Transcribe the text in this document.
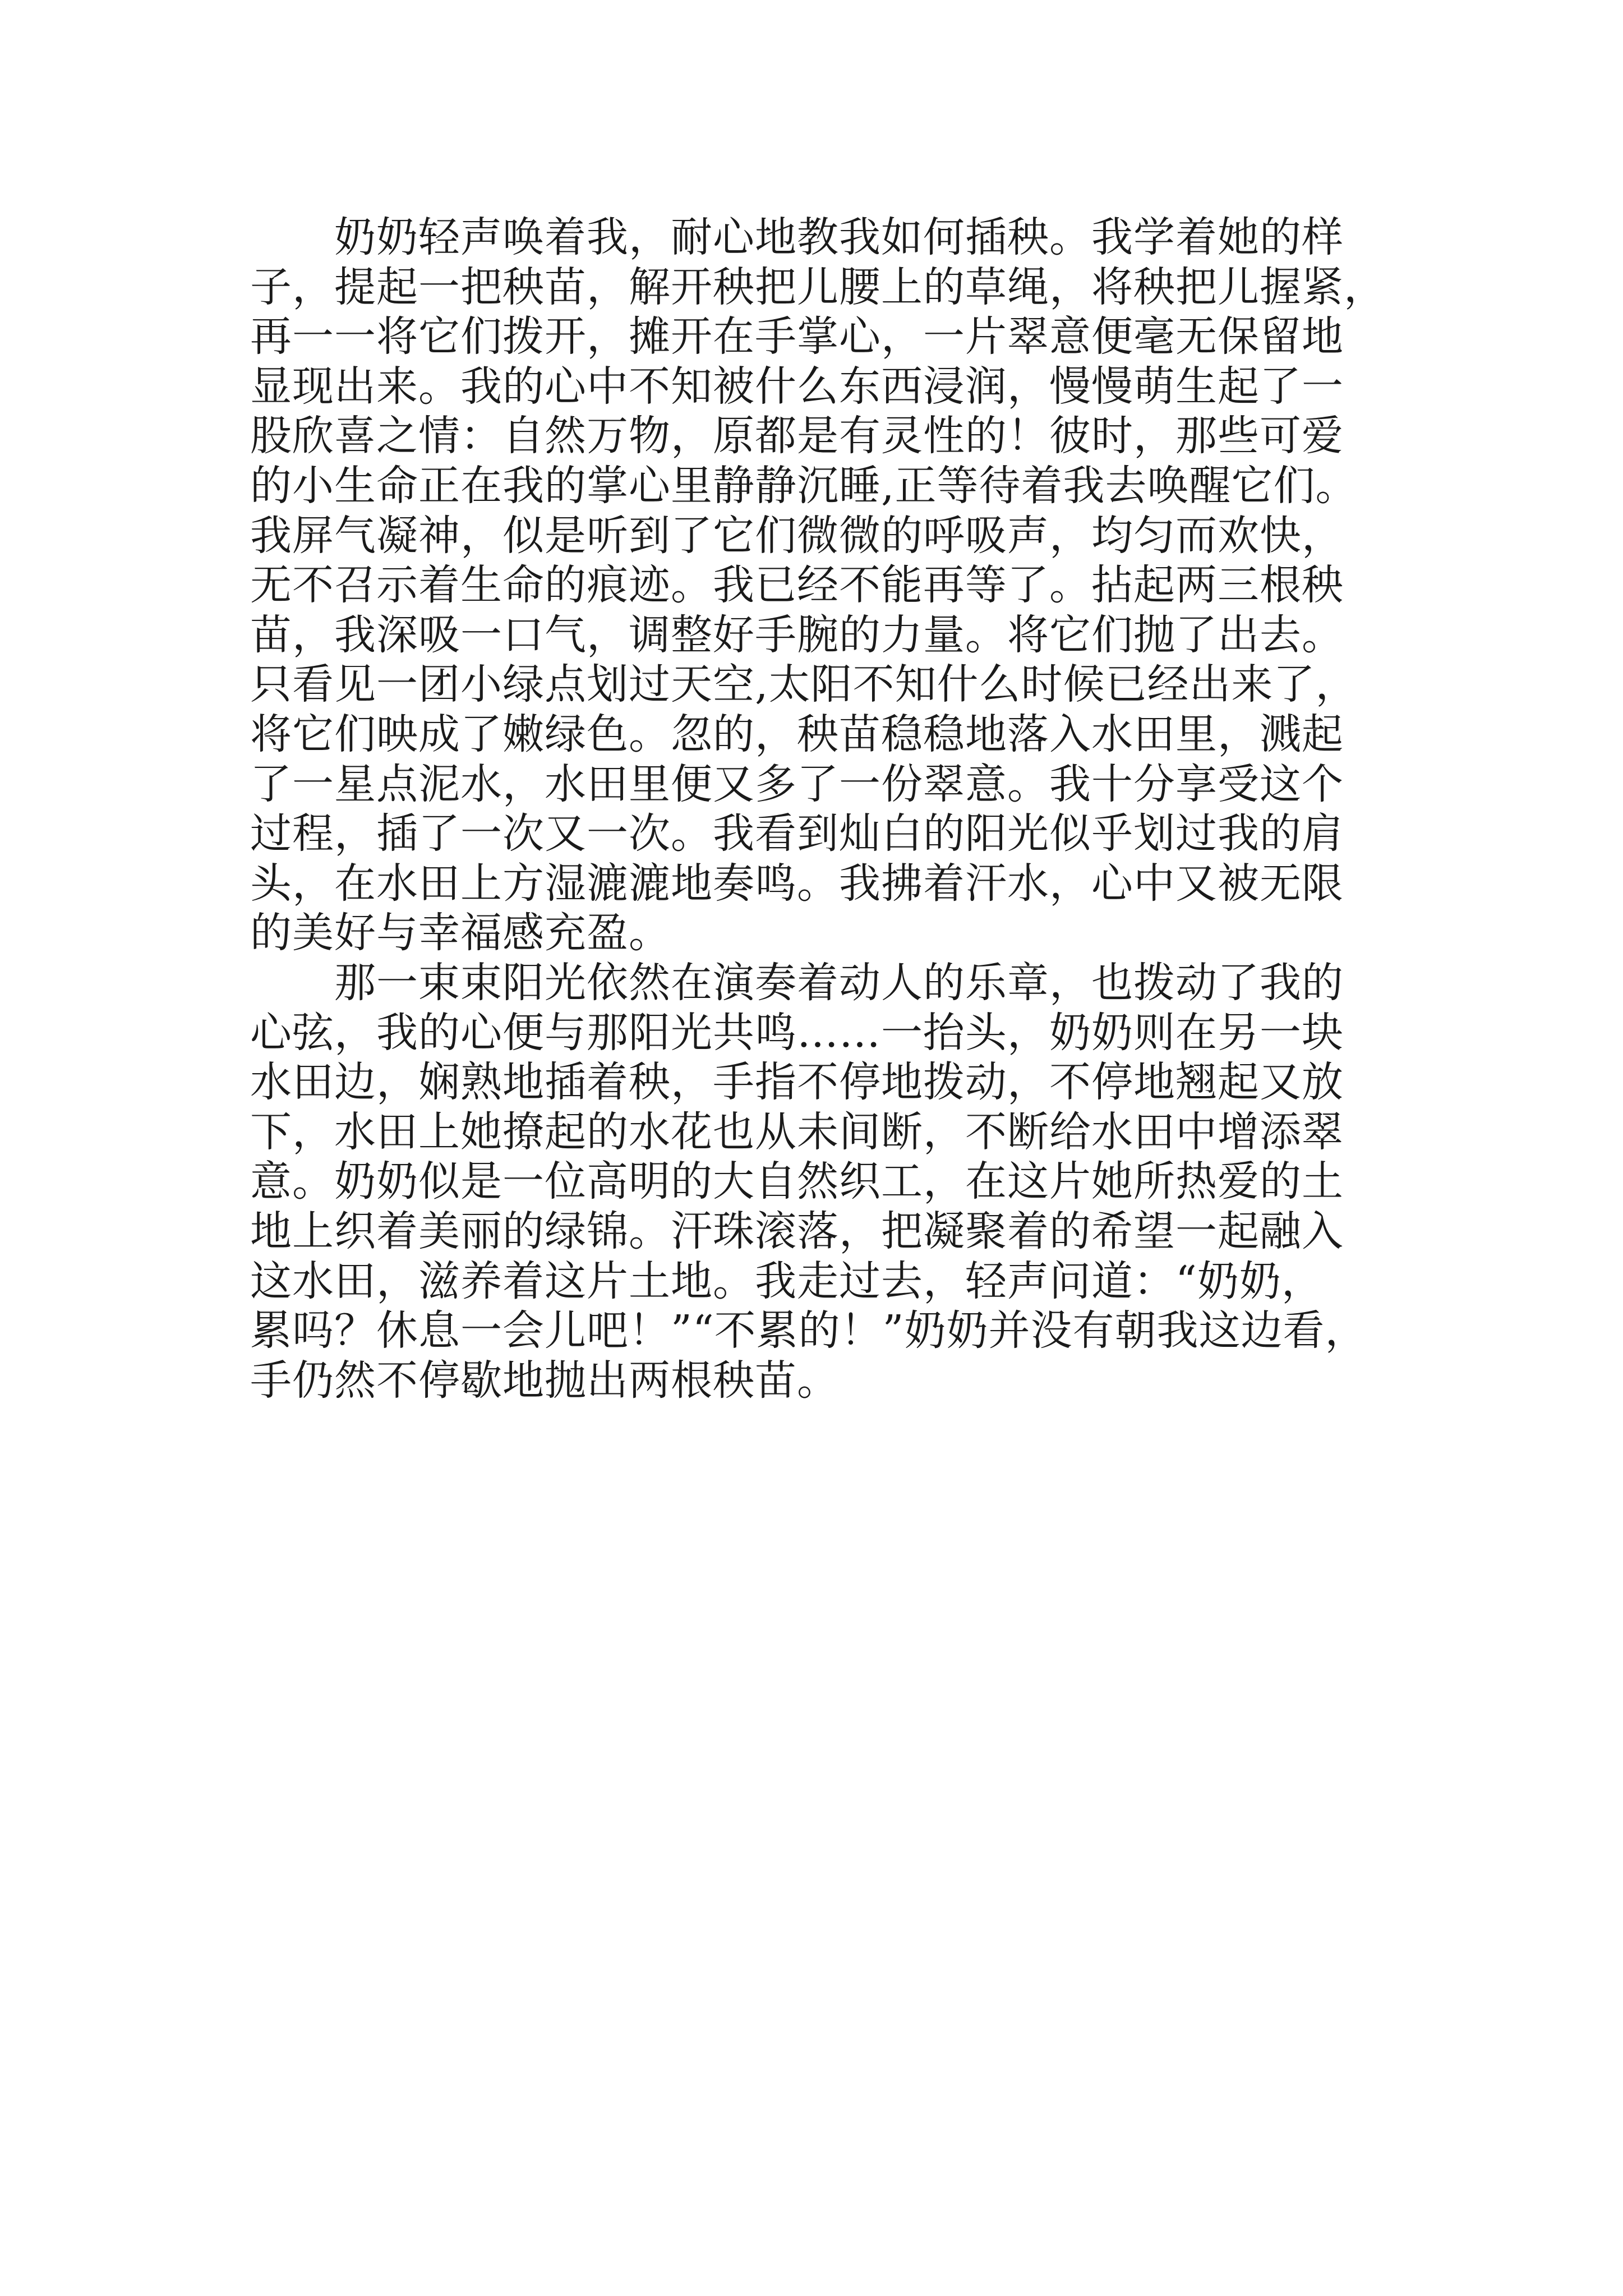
　　奶奶轻声唤着我，耐心地教我如何插秧。我学着她的样
子，提起一把秧苗，解开秧把儿腰上的草绳，将秧把儿握紧，
再一一将它们拨开，摊开在手掌心，一片翠意便毫无保留地
显现出来。我的心中不知被什么东西浸润，慢慢萌生起了一
股欣喜之情：自然万物，原都是有灵性的！彼时，那些可爱
的小生命正在我的掌心里静静沉睡,正等待着我去唤醒它们。
我屏气凝神，似是听到了它们微微的呼吸声，均匀而欢快，
无不召示着生命的痕迹。我已经不能再等了。拈起两三根秧
苗，我深吸一口气，调整好手腕的力量。将它们抛了出去。
只看见一团小绿点划过天空,太阳不知什么时候已经出来了，
将它们映成了嫩绿色。忽的，秧苗稳稳地落入水田里，溅起
了一星点泥水，水田里便又多了一份翠意。我十分享受这个
过程，插了一次又一次。我看到灿白的阳光似乎划过我的肩
头，在水田上方湿漉漉地奏鸣。我拂着汗水，心中又被无限
的美好与幸福感充盈。
　　那一束束阳光依然在演奏着动人的乐章，也拨动了我的
心弦，我的心便与那阳光共鸣……一抬头，奶奶则在另一块
水田边，娴熟地插着秧，手指不停地拨动，不停地翘起又放
下，水田上她撩起的水花也从未间断，不断给水田中增添翠
意。奶奶似是一位高明的大自然织工，在这片她所热爱的土
地上织着美丽的绿锦。汗珠滚落，把凝聚着的希望一起融入
这水田，滋养着这片土地。我走过去，轻声问道：“奶奶，
累吗？休息一会儿吧！”“不累的！”奶奶并没有朝我这边看，
手仍然不停歇地抛出两根秧苗。
